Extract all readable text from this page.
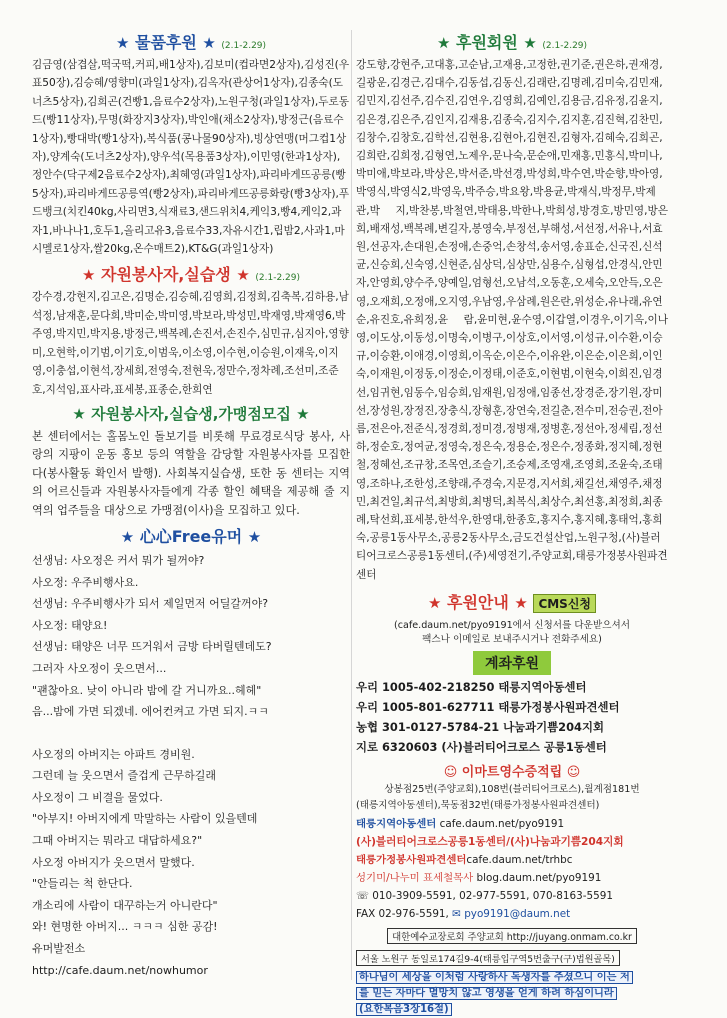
★ 물품후원 ★ (2.1-2.29)
김금영(삼겹살,떡국떡,커피,배1상자),김보미(컵라면2상자),김성진(우표50장),김승혜/영향미(과일1상자),김옥자(관상어1상자),김종숙(도너츠5상자),김희곤(건빵1,음료수2상자),노원구청(과일1상자),두로동드(빵11상자),무명(화장지3상자),박인애(채소2상자),방정근(음료수1상자),빵대박(빵1상자),복식품(콩나물90상자),빙상연맹(머그컵1상자),양계숙(도너츠2상자),양우석(목용품3상자),이민영(한과1상자),정안수(닥구제2음료수2상자),최혜영(과일1상자),파리바게뜨공릉(빵5상자),파리바게뜨공릉역(빵2상자),파리바게뜨공릉화랑(빵3상자),푸드뱅크(치킨40kg,사리면3,식재료3,샌드위치4,케익3,빵4,케익2,과자1,바나나1,호두1,올리고유3,음료수33,자유시간1,립밤2,사과1,마시멜로1상자,쌀20kg,온수매트2),KT&G(과일1상자)
★ 자원봉사자,실습생 ★ (2.1-2.29)
강수경,강현지,김고은,김명순,김승혜,김영희,김정희,김축복,김하용,남석정,남재훈,문다희,박미순,박미영,박보라,박성민,박재영,박재영6,박주영,박지민,박지용,방정근,백복례,손진서,손진수,심민규,심지아,영향미,오현학,이기범,이기호,이범욱,이소영,이수현,이승원,이재욱,이지영,이충섭,이현석,장세희,전영숙,전현욱,정만수,정차례,조선미,조준호,지석임,표사라,표세봉,표종순,한희연
★ 자원봉사자,실습생,가맹점모집 ★
본 센터에서는 홀몸노인 돌보기를 비롯해 무료경로식당 봉사, 사랑의 지팡이 운동 홍보 등의 역할을 감당할 자원봉사자를 모집한다(봉사활동 확인서 발행). 사회복지실습생, 또한 동 센터는 지역의 어르신들과 자원봉사자들에게 각종 할인 혜택을 제공해 줄 지역의 업주들을 대상으로 가맹점(이사)을 모집하고 있다.
★ 心心Free유머 ★

선생님: 사오정은 커서 뭐가 될꺼야?

사오정: 우주비행사요.

선생님: 우주비행사가 되서 제일먼저 어딜갈꺼야?

사오정: 태양요!

선생님: 태양은 너무 뜨거워서 금방 타버릴텐데도?

그러자 사오정이 웃으면서...

"괜찮아요. 낮이 아니라 밤에 갈 거니까요..헤헤"

음...밤에 가면 되겠네. 에어컨켜고 가면 되지.ㅋㅋ

사오정의 아버지는 아파트 경비원.

그런데 늘 웃으면서 즐겁게 근무하길래

사오정이 그 비결을 물었다.

"아부지! 아버지에게 막말하는 사람이 있을텐데

그때 아버지는 뭐라고 대답하세요?"

사오정 아버지가 웃으면서 말했다.

"안들리는 척 한단다.

개소리에 사람이 대꾸하는거 아니란다"

와! 현명한 아버지... ㅋㅋㅋ 심한 공감!

유머발전소

http://cafe.daum.net/nowhumor

★ 후원회원 ★ (2.1-2.29)
강도향,강현주,고대홍,고순남,고재용,고정한,권기준,권은하,권재경,길광운,김경근,김대수,김동섭,김동신,김래란,김명례,김미숙,김민재,김민지,김선주,김수진,김연우,김영희,김예인,김용금,김유정,김윤지,김은경,김은주,김인지,김재용,김종숙,김지수,김지훈,김진혁,김찬민,김창수,김창호,김학선,김현용,김현아,김현진,김형자,김혜숙,김희곤,김희란,김희정,김형연,노제우,문나숙,문순애,민재홍,민홍식,박미나,박미애,박보라,박상은,박서준,박선경,박성희,박수연,박순향,박아영,박영식,박영식2,박영욱,박주승,박요왕,박용균,박재식,박정무,박제관,박 지,박찬봉,박철연,박태용,박한나,박희성,방경호,방민영,방은희,배재성,백복례,변길자,봉영숙,부정선,부해성,서선정,서유나,서효원,선공자,손대원,손정애,손중억,손창석,송서영,송표순,신국진,신석균,신승희,신숙영,신현준,심상덕,심상만,심용수,심형섭,안경식,안민자,안영희,양수주,양예일,엄형선,오남석,오동훈,오세숙,오안득,오은영,오재희,오정애,오지영,우남영,우삼례,원은란,위성순,유나래,유연순,유진호,유희정,윤 람,윤미현,윤수영,이갑열,이경우,이기옥,이나영,이도상,이동성,이명숙,이병구,이상호,이서영,이성규,이수환,이승규,이승환,이애경,이영희,이옥순,이은수,이유완,이은순,이은희,이인숙,이재원,이정동,이정순,이정태,이준호,이현범,이현숙,이희진,임경선,임귀현,임동수,임승희,임재원,임정애,임종선,장경준,장기원,장미선,장성원,장정진,장충식,장형훈,장연숙,전길춘,전수미,전승권,전아름,전은아,전준식,정경희,정미경,정병재,정병훈,정선아,정세림,정선하,정순호,정여균,정영숙,정은숙,정용순,정은수,정종화,정지혜,정현철,정혜선,조규창,조목연,조슬기,조승제,조영재,조영희,조윤숙,조태영,조하나,조한성,조향래,주경숙,지문경,지서희,채길선,채영주,채정민,최건일,최규석,최방희,최병덕,최복식,최상수,최선홍,최정희,최종례,탁선희,표세봉,한석우,한영대,한종호,홍지수,홍지혜,홍태억,홍희숙,공릉1동사무소,공릉2동사무소,금도건설산업,노원구청,(사)블러티어크로스공릉1동센터,(주)세영전기,주양교회,태릉가정봉사원파견센터
★ 후원안내 ★ CMS신청
(cafe.daum.net/pyo9191에서 신청서를 다운받으셔서
팩스나 이메일로 보내주시거나 전화주세요)
계좌후원
우리 1005-402-218250 태릉지역아동센터
우리 1005-801-627711 태릉가정봉사원파견센터
농협 301-0127-5784-21 나눔과기쁨204지회
지로 6320603 (사)블러티어크로스 공릉1동센터
☺ 이마트영수증적립 ☺
상봉점25번(주양교회),108번(블러티어크로스),월계점181번
(태릉지역아동센터),묵동점32번(태릉가정봉사원파견센터)
태릉지역아동센터 cafe.daum.net/pyo9191
(사)블러티어크로스공릉1동센터/(사)나눔과기쁨204지회
태릉가정봉사원파견센터cafe.daum.net/trhbc
성기미/나누미 표세철목사 blog.daum.net/pyo9191
☏ 010-3909-5591, 02-977-5591, 070-8163-5591
FAX 02-976-5591, ✉ pyo9191@daum.net
대한예수교장로회 주양교회 http://juyang.onmam.co.kr
서울 노원구 동일로174길9-4(태릉입구역5번출구(구)법원골목)
하나님이 세상을 이처럼 사랑하사 독생자를 주셨으니 이는 저
를 믿는 자마다 멸망치 않고 영생을 얻게 하려 하심이니라
(요한복음3장16절)
